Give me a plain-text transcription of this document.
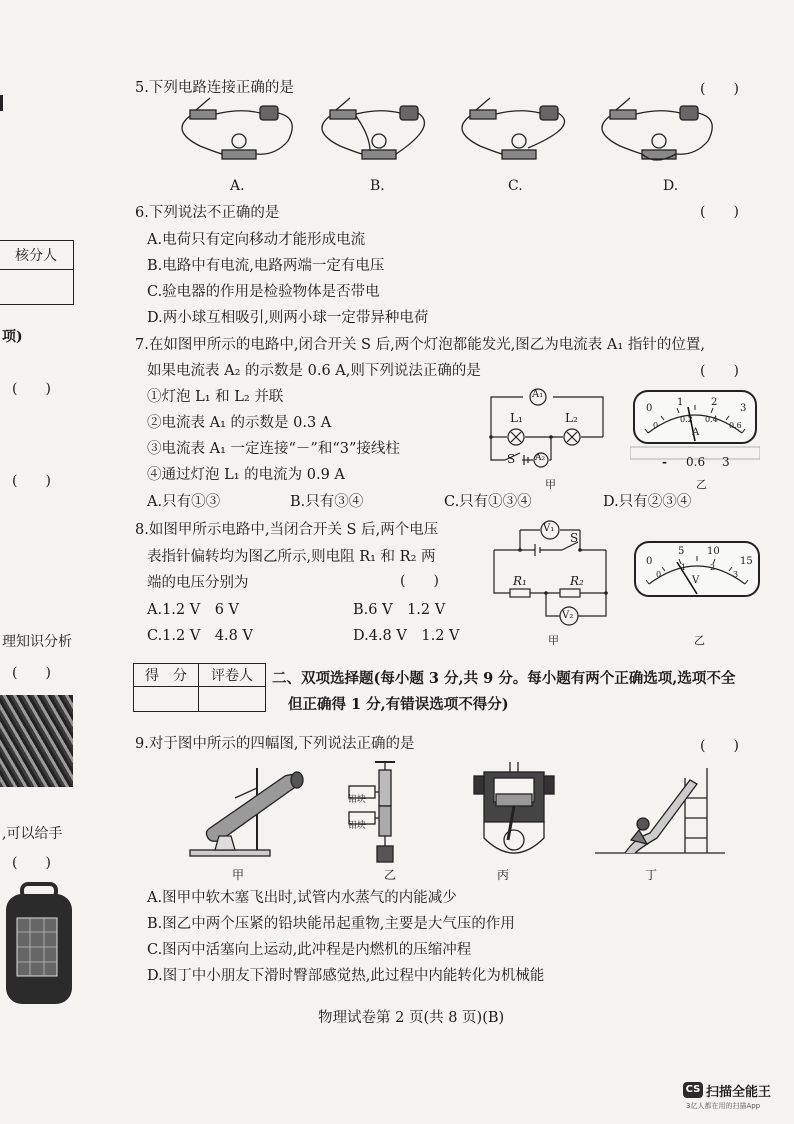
核分人

项)
(　　)
(　　)
理知识分析
(　　)
,可以给手
(　　)
5.下列电路连接正确的是	(　　)
A.	B.	C.	D.
6.下列说法不正确的是	(　　)
A.电荷只有定向移动才能形成电流
B.电路中有电流,电路两端一定有电压
C.验电器的作用是检验物体是否带电
D.两小球互相吸引,则两小球一定带异种电荷
7.在如图甲所示的电路中,闭合开关 S 后,两个灯泡都能发光,图乙为电流表 A₁ 指针的位置,
如果电流表 A₂ 的示数是 0.6 A,则下列说法正确的是	(　　)
①灯泡 L₁ 和 L₂ 并联
②电流表 A₁ 的示数是 0.3 A
③电流表 A₁ 一定连接“－”和“3”接线柱
④通过灯泡 L₁ 的电流为 0.9 A
A₁
L₁	L₂
S A₂
甲
0
1	2
3
0
0.2 0.4
0.6
A
- 0.6 3
乙
A.只有①③	B.只有③④	C.只有①③④	D.只有②③④
8.如图甲所示电路中,当闭合开关 S 后,两个电压
表指针偏转均为图乙所示,则电阻 R₁ 和 R₂ 两
端的电压分别为	(　　)
A.1.2 V　6 V	B.6 V　1.2 V
C.1.2 V　4.8 V	D.4.8 V　1.2 V
V₁
S
R₁	R₂
V₂
甲
0
5 10
15
0
1	2
3
V
乙
得　分	评卷人
	二、双项选择题(每小题 3 分,共 9 分。每小题有两个正确选项,选项不全
但正确得 1 分,有错误选项不得分)
9.对于图中所示的四幅图,下列说法正确的是	(　　)
铅块
铅块
甲	乙	丙	丁
A.图甲中软木塞飞出时,试管内水蒸气的内能减少
B.图乙中两个压紧的铅块能吊起重物,主要是大气压的作用
C.图丙中活塞向上运动,此冲程是内燃机的压缩冲程
D.图丁中小朋友下滑时臀部感觉热,此过程中内能转化为机械能
物理试卷第 2 页(共 8 页)(B)
CS 扫描全能王
3亿人都在用的扫描App
